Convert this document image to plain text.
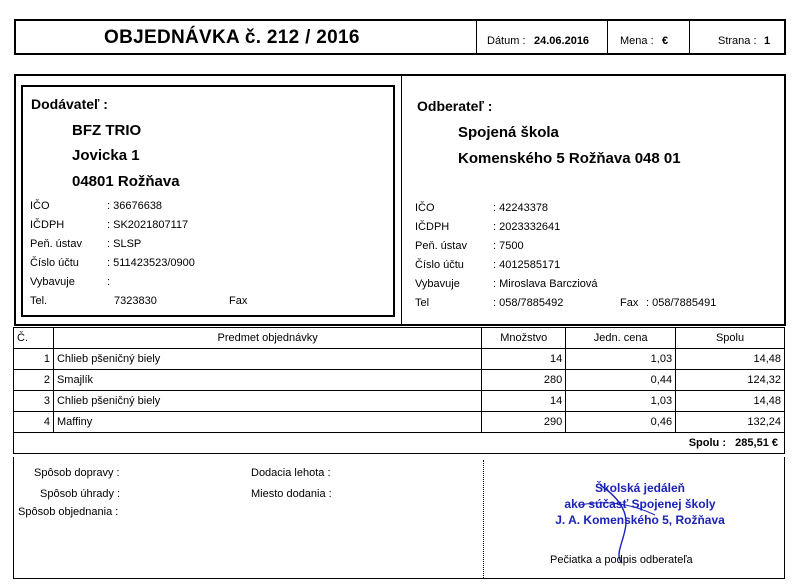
OBJEDNÁVKA č. 212 / 2016	Dátum : 24.06.2016	Mena : €	Strana : 1
Dodávateľ :
BFZ TRIO
Jovicka 1
04801 Rožňava
IČO	: 36676638
IČDPH	: SK2021807117
Peň. ústav : SLSP
Číslo účtu	: 511423523/0900
Vybavuje	:
Tel.	7323830	Fax
Odberateľ :
Spojená škola
Komenského 5 Rožňava 048 01
IČO	: 42243378
IČDPH	: 2023332641
Peň. ústav : 7500
Číslo účtu	: 4012585171
Vybavuje	: Miroslava Barcziová
Tel	: 058/7885492	Fax : 058/7885491
Č.	Predmet objednávky	Množstvo	Jedn. cena	Spolu
1	Chlieb pšeničný biely	14	1,03	14,48
2	Smajlík	280	0,44	124,32
3	Chlieb pšeničný biely	14	1,03	14,48
4	Maffiny	290	0,46	132,24
Spolu : 285,51 €				
Spôsob dopravy :
Spôsob úhrady :
Spôsob objednania :
Dodacia lehota :
Miesto dodania :	Školská jedáleň
ako súčasť Spojenej školy
J. A. Komenského 5, Rožňava
Pečiatka a podpis odberateľa
